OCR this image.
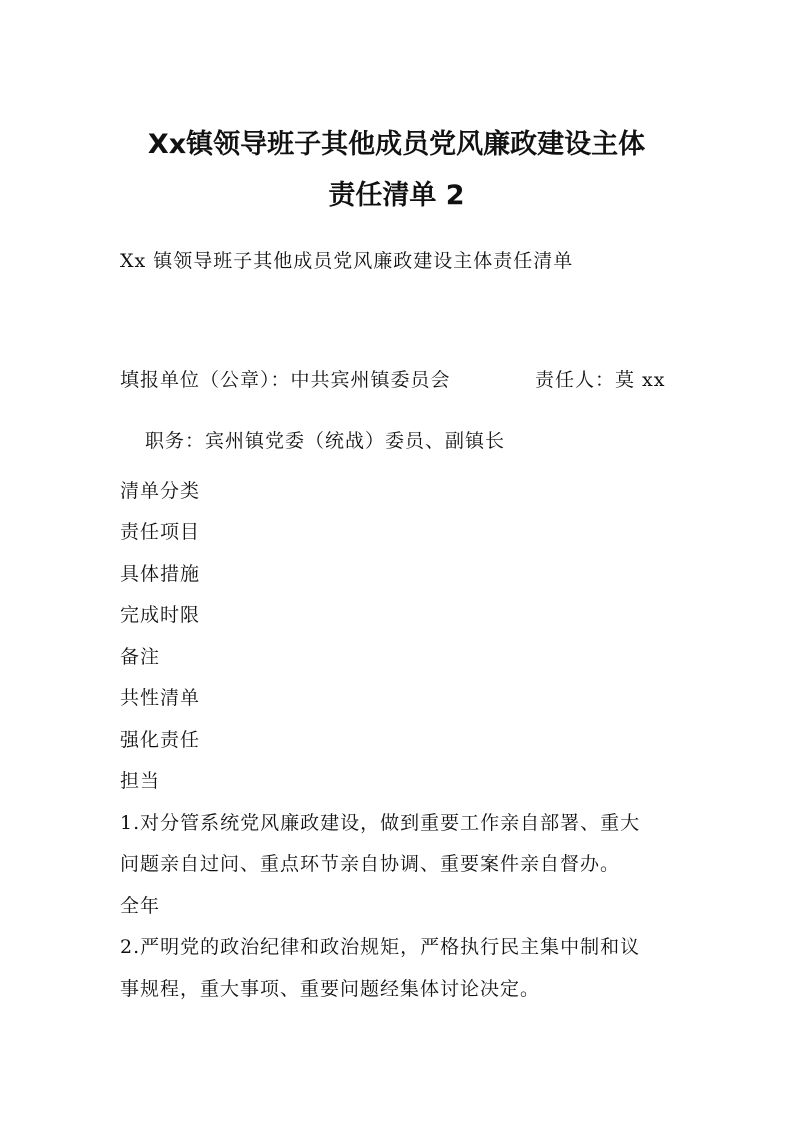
Xx镇领导班子其他成员党风廉政建设主体
责任清单 2

Xx 镇领导班子其他成员党风廉政建设主体责任清单

填报单位（公章）：中共宾州镇委员会	责任人：莫 xx

职务：宾州镇党委（统战）委员、副镇长

清单分类

责任项目

具体措施

完成时限

备注

共性清单

强化责任

担当

1.对分管系统党风廉政建设，做到重要工作亲自部署、重大

问题亲自过问、重点环节亲自协调、重要案件亲自督办。

全年

2.严明党的政治纪律和政治规矩，严格执行民主集中制和议

事规程，重大事项、重要问题经集体讨论决定。
